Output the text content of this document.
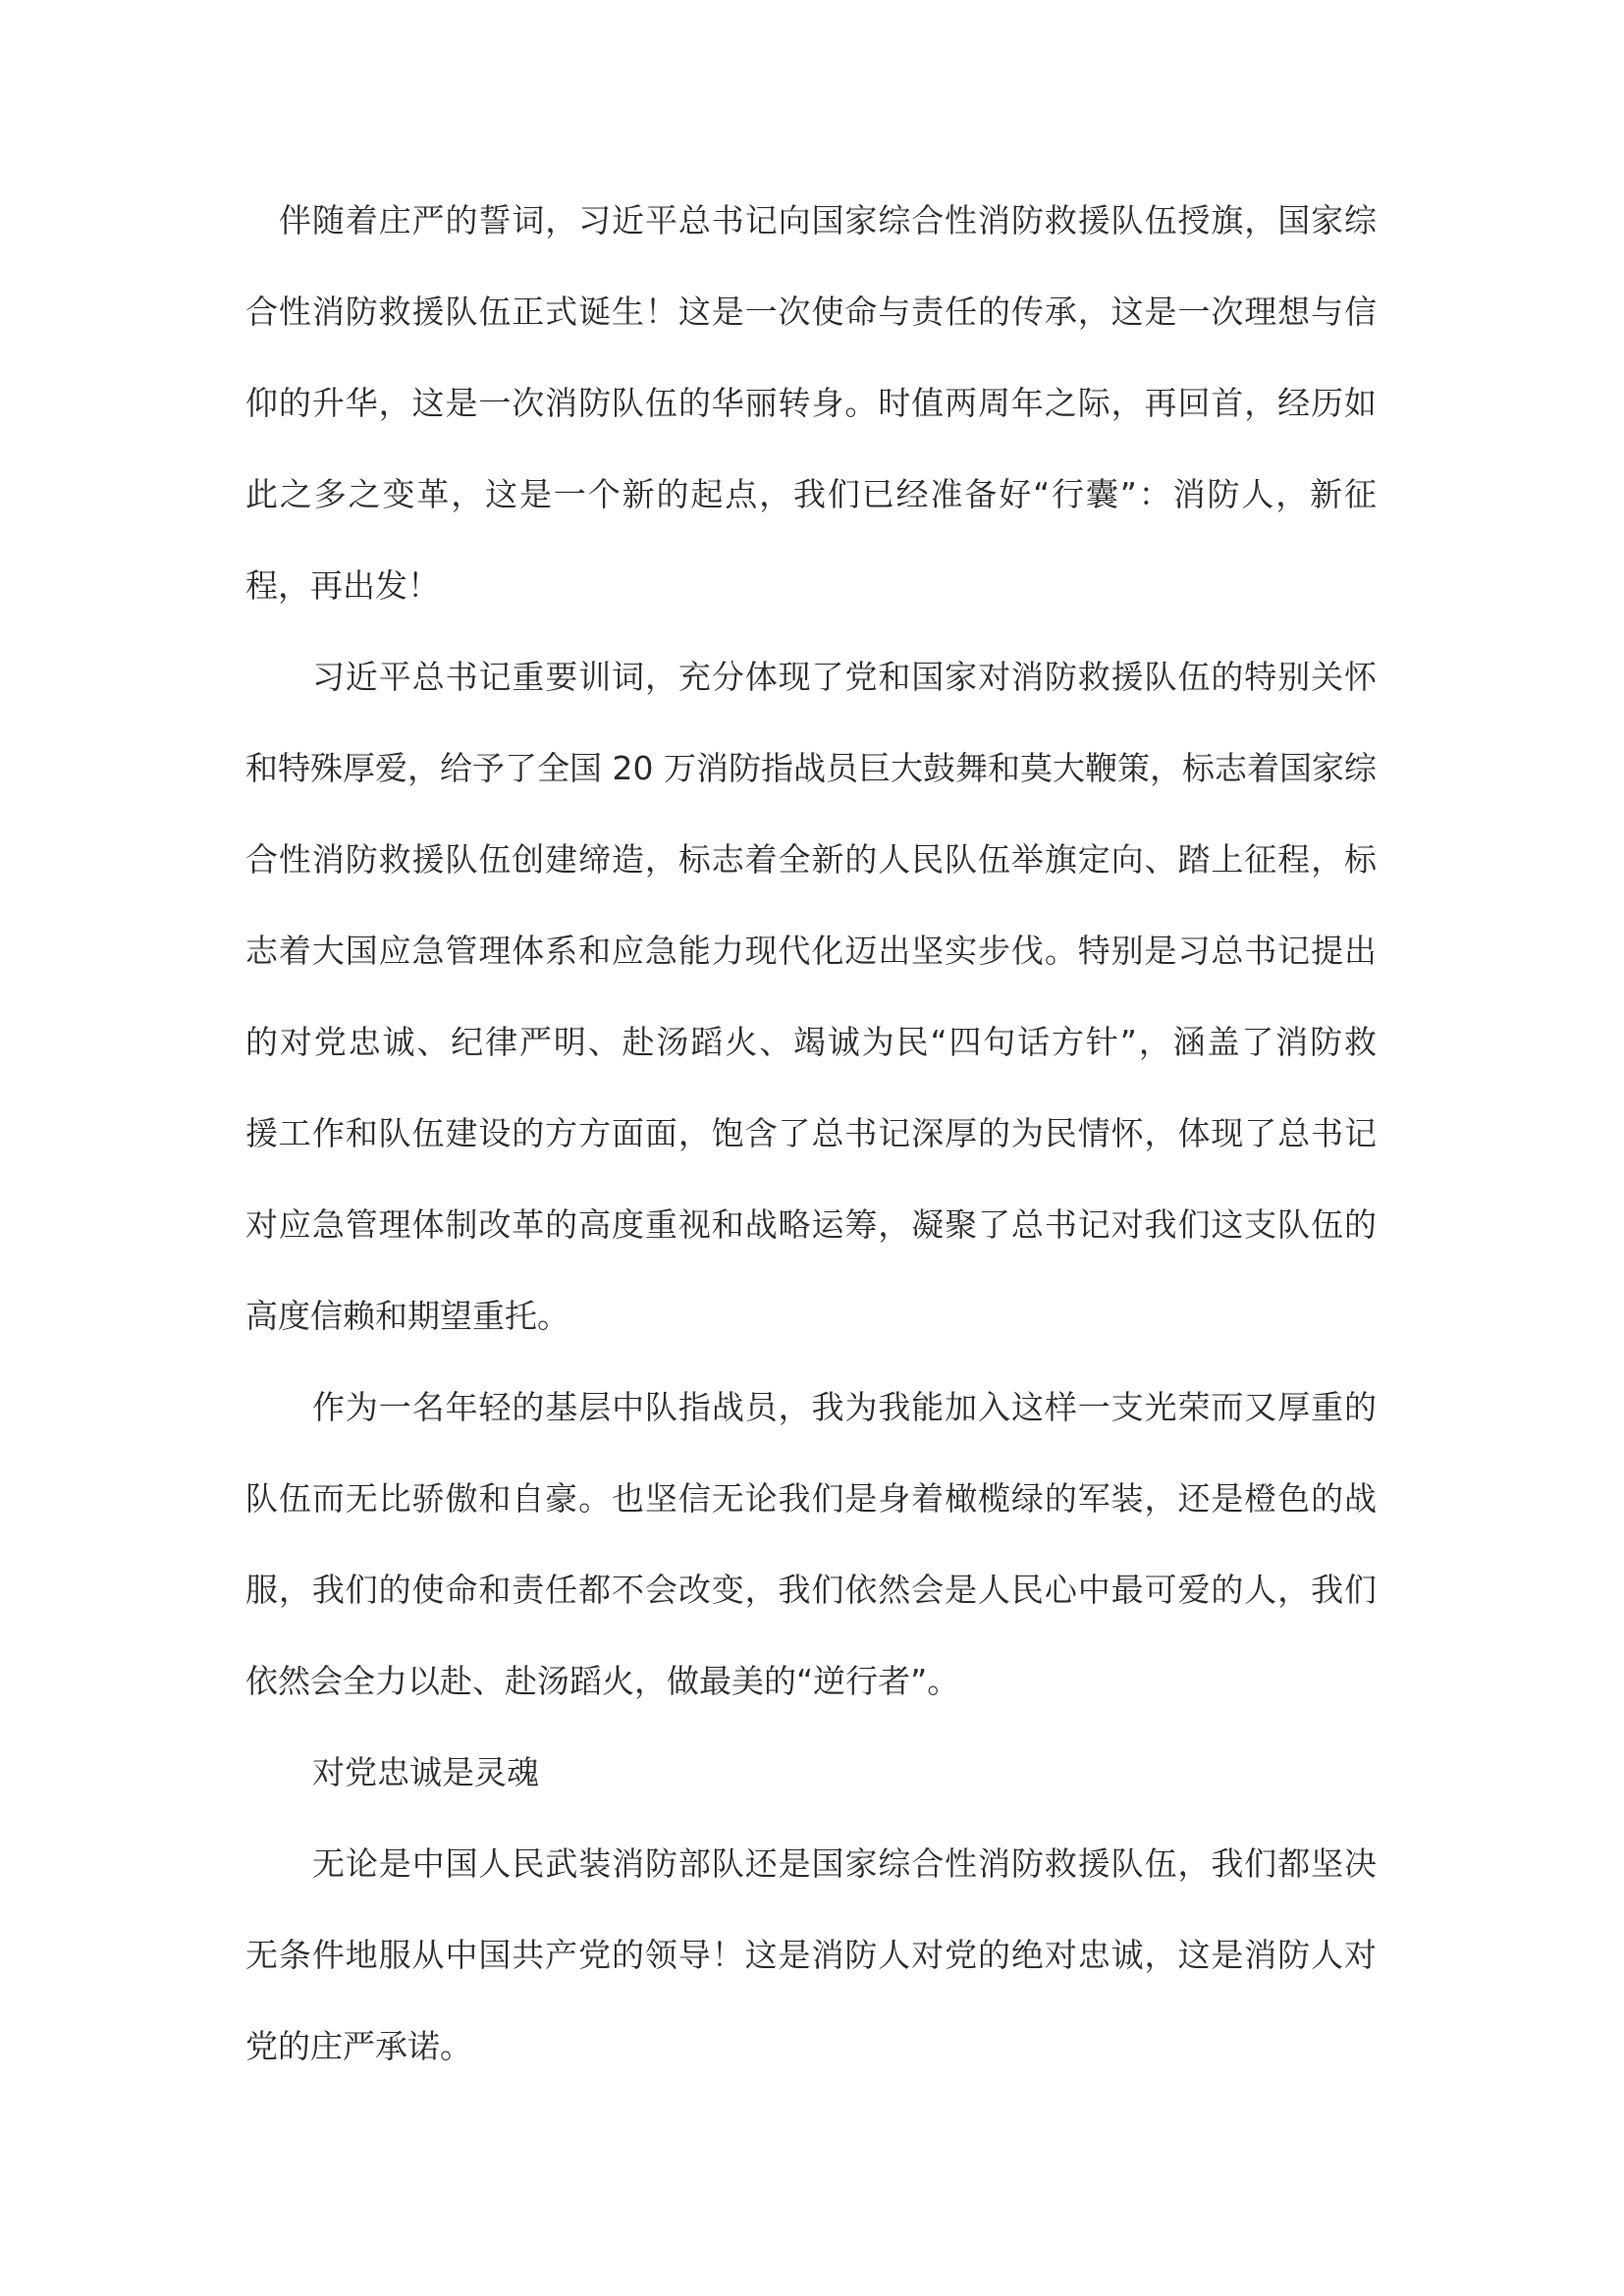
伴随着庄严的誓词，习近平总书记向国家综合性消防救援队伍授旗，国家综
合性消防救援队伍正式诞生！这是一次使命与责任的传承，这是一次理想与信
仰的升华，这是一次消防队伍的华丽转身。时值两周年之际，再回首，经历如
此之多之变革，这是一个新的起点，我们已经准备好“行囊”：消防人，新征
程，再出发！
习近平总书记重要训词，充分体现了党和国家对消防救援队伍的特别关怀
和特殊厚爱，给予了全国 20 万消防指战员巨大鼓舞和莫大鞭策，标志着国家综
合性消防救援队伍创建缔造，标志着全新的人民队伍举旗定向、踏上征程，标
志着大国应急管理体系和应急能力现代化迈出坚实步伐。特别是习总书记提出
的对党忠诚、纪律严明、赴汤蹈火、竭诚为民“四句话方针”，涵盖了消防救
援工作和队伍建设的方方面面，饱含了总书记深厚的为民情怀，体现了总书记
对应急管理体制改革的高度重视和战略运筹，凝聚了总书记对我们这支队伍的
高度信赖和期望重托。
作为一名年轻的基层中队指战员，我为我能加入这样一支光荣而又厚重的
队伍而无比骄傲和自豪。也坚信无论我们是身着橄榄绿的军装，还是橙色的战
服，我们的使命和责任都不会改变，我们依然会是人民心中最可爱的人，我们
依然会全力以赴、赴汤蹈火，做最美的“逆行者”。
对党忠诚是灵魂
无论是中国人民武装消防部队还是国家综合性消防救援队伍，我们都坚决
无条件地服从中国共产党的领导！这是消防人对党的绝对忠诚，这是消防人对
党的庄严承诺。
